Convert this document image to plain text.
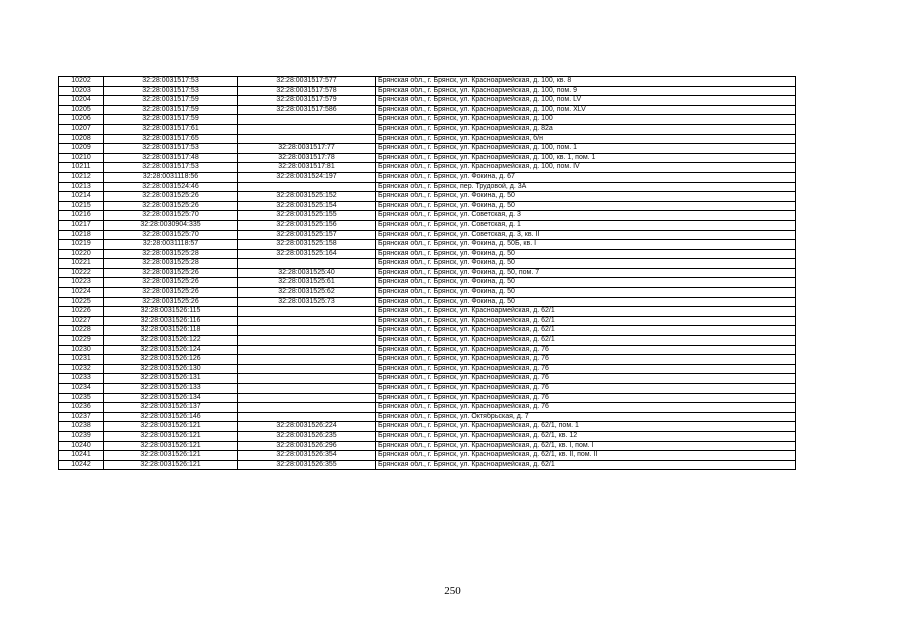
10202	32:28:0031517:53	32:28:0031517:577	Брянская обл., г. Брянск, ул. Красноармейская, д. 100, кв. 8
10203	32:28:0031517:53	32:28:0031517:578	Брянская обл., г. Брянск, ул. Красноармейская, д. 100, пом. 9
10204	32:28:0031517:59	32:28:0031517:579	Брянская обл., г. Брянск, ул. Красноармейская, д. 100, пом. LV
10205	32:28:0031517:59	32:28:0031517:586	Брянская обл., г. Брянск, ул. Красноармейская, д. 100, пом. XLV
10206	32:28:0031517:59		Брянская обл., г. Брянск, ул. Красноармейская, д. 100
10207	32:28:0031517:61		Брянская обл., г. Брянск, ул. Красноармейская, д. 82а
10208	32:28:0031517:65		Брянская обл., г. Брянск, ул. Красноармейская, б/н
10209	32:28:0031517:53	32:28:0031517:77	Брянская обл., г. Брянск, ул. Красноармейская, д. 100, пом. 1
10210	32:28:0031517:48	32:28:0031517:78	Брянская обл., г. Брянск, ул. Красноармейская, д. 100, кв. 1, пом. 1
10211	32:28:0031517:53	32:28:0031517:81	Брянская обл., г. Брянск, ул. Красноармейская, д. 100, пом. IV
10212	32:28:0031118:56	32:28:0031524:197	Брянская обл., г. Брянск, ул. Фокина, д. 67
10213	32:28:0031524:46		Брянская обл., г. Брянск, пер. Трудовой, д. 3А
10214	32:28:0031525:26	32:28:0031525:152	Брянская обл., г. Брянск, ул. Фокина, д. 50
10215	32:28:0031525:26	32:28:0031525:154	Брянская обл., г. Брянск, ул. Фокина, д. 50
10216	32:28:0031525:70	32:28:0031525:155	Брянская обл., г. Брянск, ул. Советская, д. 3
10217	32:28:0030904:335	32:28:0031525:156	Брянская обл., г. Брянск, ул. Советская, д. 1
10218	32:28:0031525:70	32:28:0031525:157	Брянская обл., г. Брянск, ул. Советская, д. 3, кв. II
10219	32:28:0031118:57	32:28:0031525:158	Брянская обл., г. Брянск, ул. Фокина, д. 50Б, кв. I
10220	32:28:0031525:28	32:28:0031525:164	Брянская обл., г. Брянск, ул. Фокина, д. 50
10221	32:28:0031525:28		Брянская обл., г. Брянск, ул. Фокина, д. 50
10222	32:28:0031525:26	32:28:0031525:40	Брянская обл., г. Брянск, ул. Фокина, д. 50, пом. 7
10223	32:28:0031525:26	32:28:0031525:61	Брянская обл., г. Брянск, ул. Фокина, д. 50
10224	32:28:0031525:26	32:28:0031525:62	Брянская обл., г. Брянск, ул. Фокина, д. 50
10225	32:28:0031525:26	32:28:0031525:73	Брянская обл., г. Брянск, ул. Фокина, д. 50
10226	32:28:0031526:115		Брянская обл., г. Брянск, ул. Красноармейская, д. 62/1
10227	32:28:0031526:116		Брянская обл., г. Брянск, ул. Красноармейская, д. 62/1
10228	32:28:0031526:118		Брянская обл., г. Брянск, ул. Красноармейская, д. 62/1
10229	32:28:0031526:122		Брянская обл., г. Брянск, ул. Красноармейская, д. 62/1
10230	32:28:0031526:124		Брянская обл., г. Брянск, ул. Красноармейская, д. 76
10231	32:28:0031526:126		Брянская обл., г. Брянск, ул. Красноармейская, д. 76
10232	32:28:0031526:130		Брянская обл., г. Брянск, ул. Красноармейская, д. 76
10233	32:28:0031526:131		Брянская обл., г. Брянск, ул. Красноармейская, д. 76
10234	32:28:0031526:133		Брянская обл., г. Брянск, ул. Красноармейская, д. 76
10235	32:28:0031526:134		Брянская обл., г. Брянск, ул. Красноармейская, д. 76
10236	32:28:0031526:137		Брянская обл., г. Брянск, ул. Красноармейская, д. 76
10237	32:28:0031526:146		Брянская обл., г. Брянск, ул. Октябрьская, д. 7
10238	32:28:0031526:121	32:28:0031526:224	Брянская обл., г. Брянск, ул. Красноармейская, д. 62/1, пом. 1
10239	32:28:0031526:121	32:28:0031526:235	Брянская обл., г. Брянск, ул. Красноармейская, д. 62/1, кв. 12
10240	32:28:0031526:121	32:28:0031526:296	Брянская обл., г. Брянск, ул. Красноармейская, д. 62/1, кв. I, пом. I
10241	32:28:0031526:121	32:28:0031526:354	Брянская обл., г. Брянск, ул. Красноармейская, д. 62/1, кв. II, пом. II
10242	32:28:0031526:121	32:28:0031526:355	Брянская обл., г. Брянск, ул. Красноармейская, д. 62/1
250
